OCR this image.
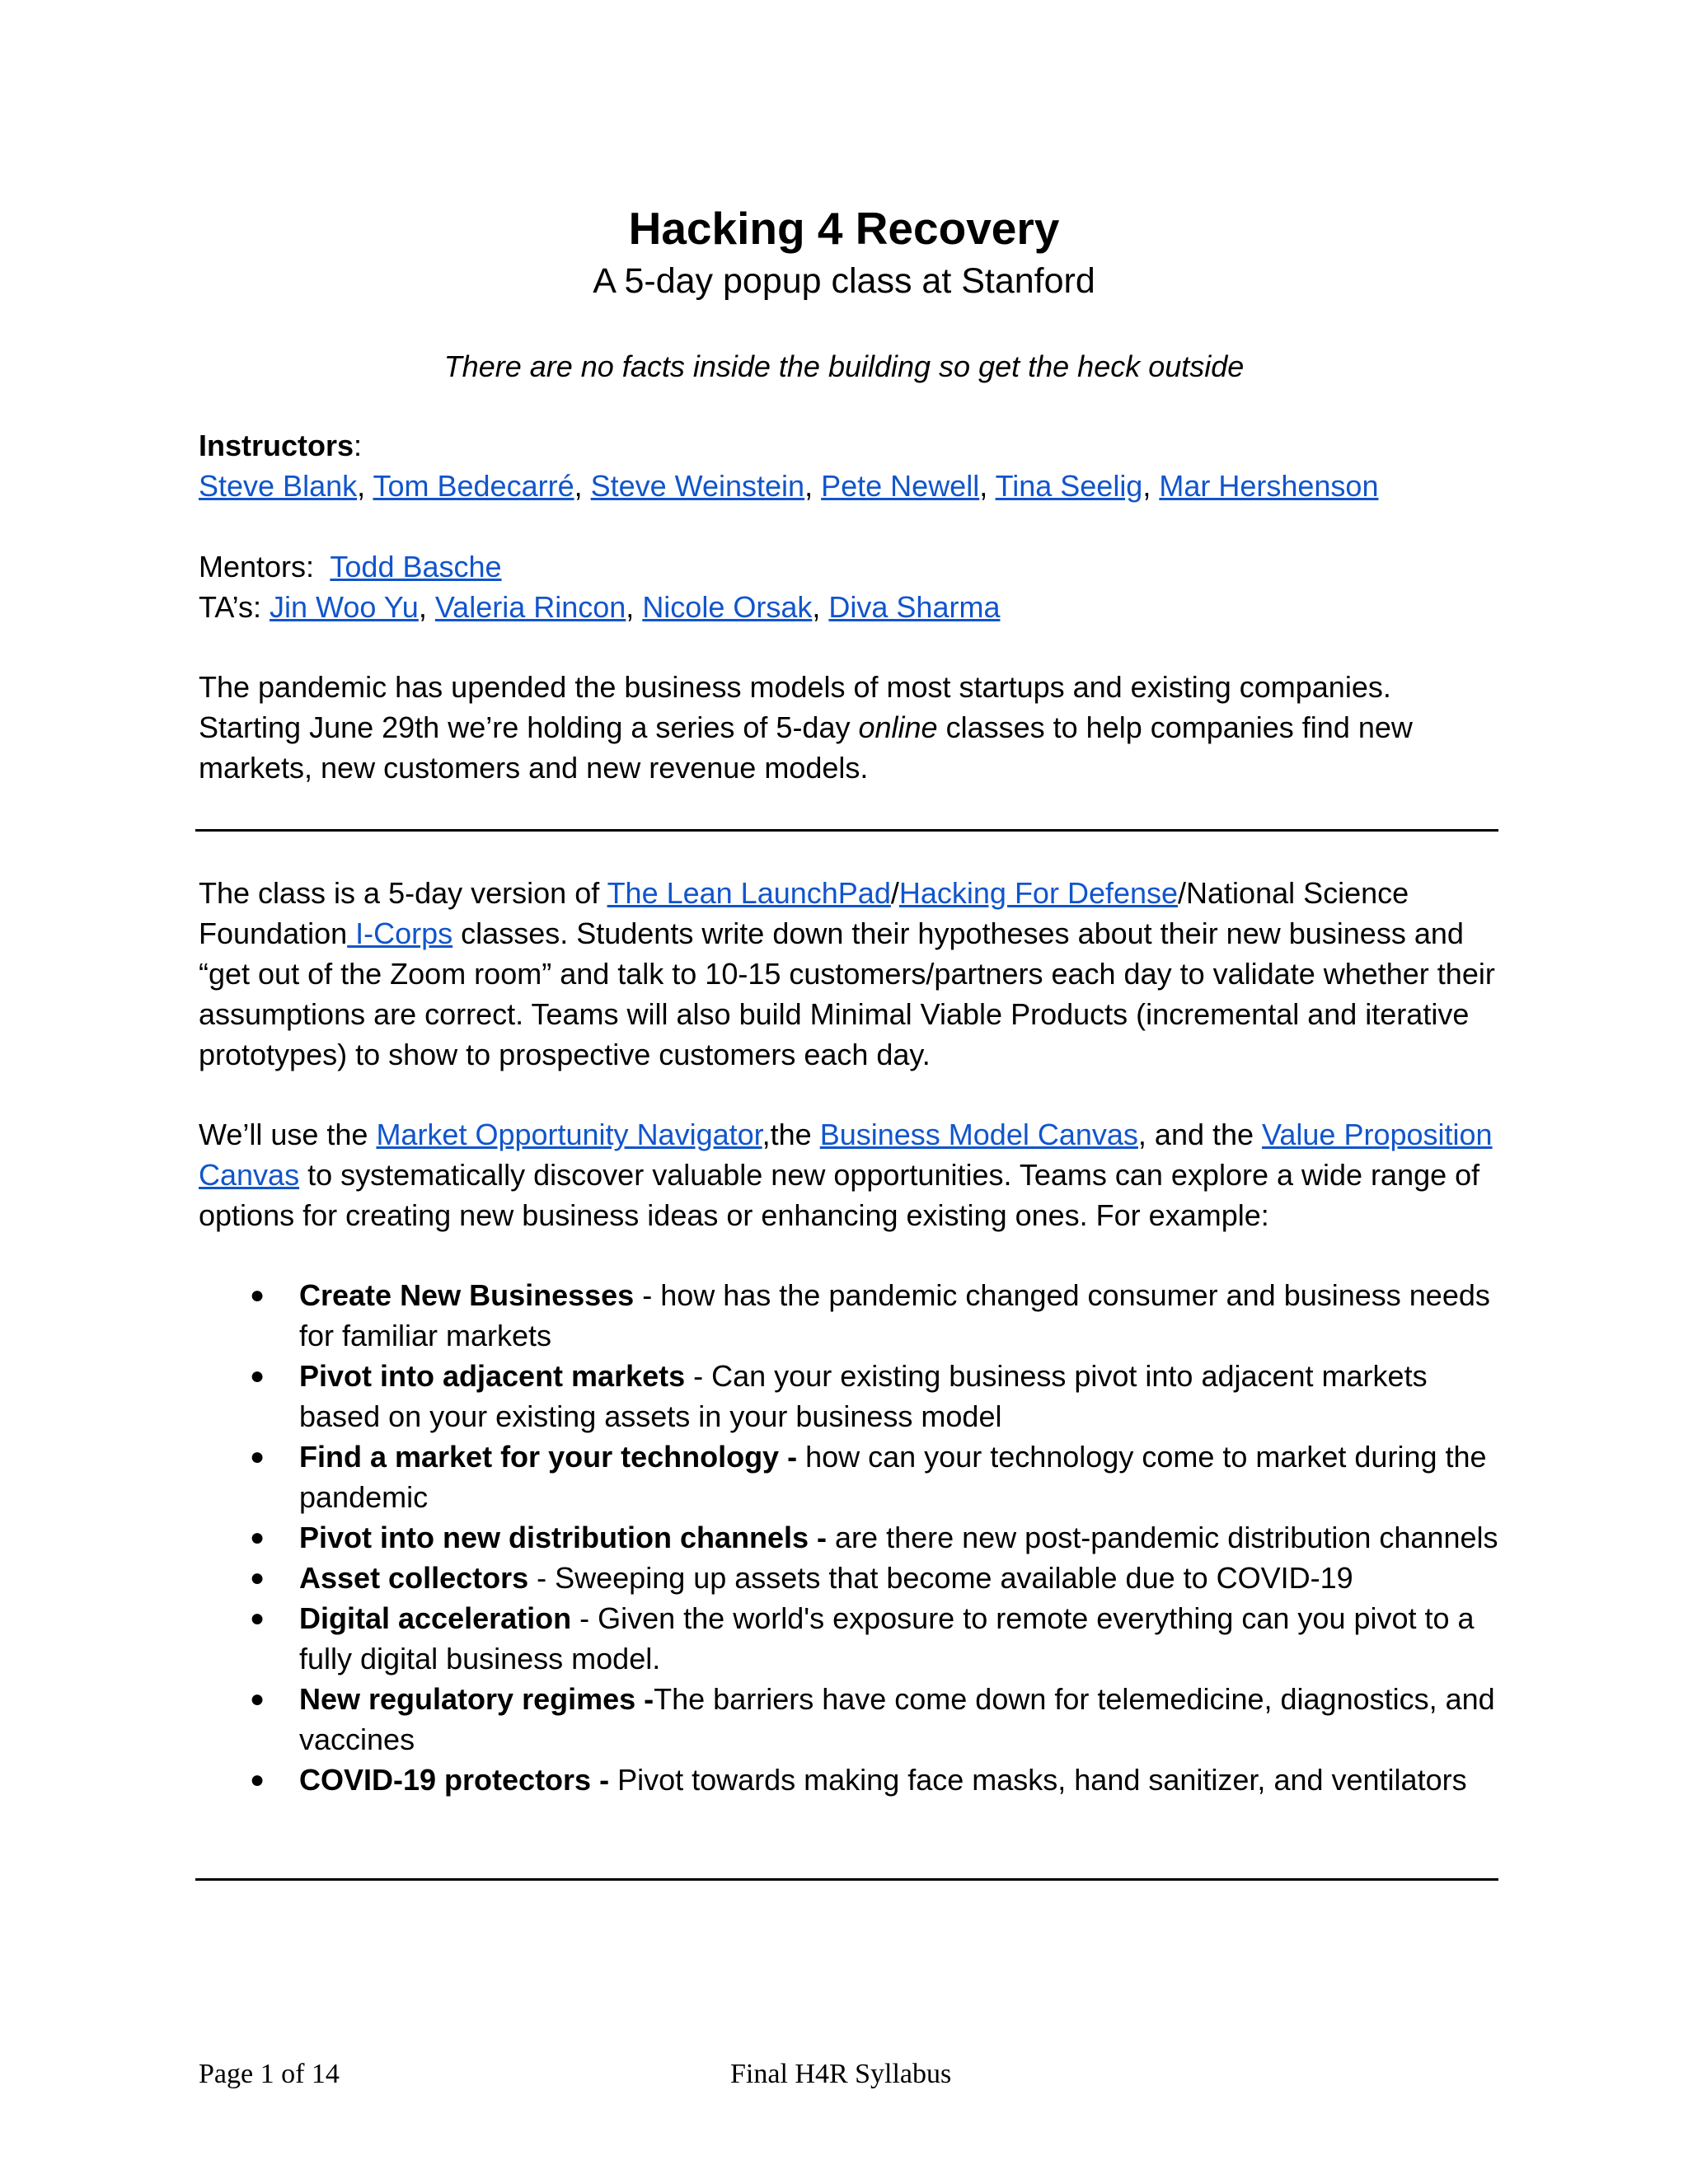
Hacking 4 Recovery
A 5-day popup class at Stanford
There are no facts inside the building so get the heck outside

Instructors:

Steve Blank, Tom Bedecarré, Steve Weinstein, Pete Newell, Tina Seelig, Mar Hershenson

Mentors: Todd Basche

TA’s: Jin Woo Yu, Valeria Rincon, Nicole Orsak, Diva Sharma

The pandemic has upended the business models of most startups and existing companies. Starting June 29th we’re holding a series of 5-day online classes to help companies find new markets, new customers and new revenue models.

The class is a 5-day version of The Lean LaunchPad/Hacking For Defense/National Science Foundation I-Corps classes. Students write down their hypotheses about their new business and “get out of the Zoom room” and talk to 10-15 customers/partners each day to validate whether their assumptions are correct. Teams will also build Minimal Viable Products (incremental and iterative prototypes) to show to prospective customers each day.

We’ll use the Market Opportunity Navigator,the Business Model Canvas, and the Value Proposition Canvas to systematically discover valuable new opportunities. Teams can explore a wide range of options for creating new business ideas or enhancing existing ones. For example:

● Create New Businesses - how has the pandemic changed consumer and business needs for familiar markets
● Pivot into adjacent markets - Can your existing business pivot into adjacent markets based on your existing assets in your business model
● Find a market for your technology - how can your technology come to market during the pandemic
● Pivot into new distribution channels - are there new post-pandemic distribution channels
● Asset collectors - Sweeping up assets that become available due to COVID-19
● Digital acceleration - Given the world's exposure to remote everything can you pivot to a fully digital business model.
● New regulatory regimes -The barriers have come down for telemedicine, diagnostics, and vaccines
● COVID-19 protectors - Pivot towards making face masks, hand sanitizer, and ventilators
Page 1 of 14	Final H4R Syllabus
